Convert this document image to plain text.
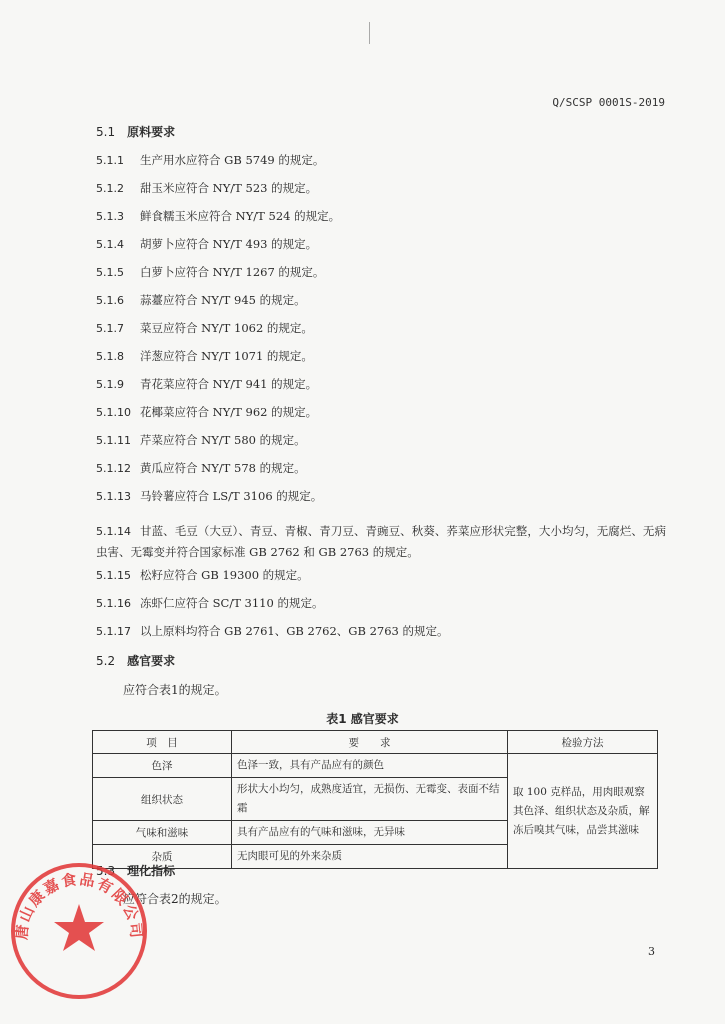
Q/SCSP 0001S-2019
5.1 原料要求
5.1.1 生产用水应符合 GB 5749 的规定。
5.1.2 甜玉米应符合 NY/T 523 的规定。
5.1.3 鲜食糯玉米应符合 NY/T 524 的规定。
5.1.4 胡萝卜应符合 NY/T 493 的规定。
5.1.5 白萝卜应符合 NY/T 1267 的规定。
5.1.6 蒜薹应符合 NY/T 945 的规定。
5.1.7 菜豆应符合 NY/T 1062 的规定。
5.1.8 洋葱应符合 NY/T 1071 的规定。
5.1.9 青花菜应符合 NY/T 941 的规定。
5.1.10 花椰菜应符合 NY/T 962 的规定。
5.1.11 芹菜应符合 NY/T 580 的规定。
5.1.12 黄瓜应符合 NY/T 578 的规定。
5.1.13 马铃薯应符合 LS/T 3106 的规定。
5.1.14 甘蓝、毛豆（大豆）、青豆、青椒、青刀豆、青豌豆、秋葵、荞菜应形状完整，大小均匀，无腐烂、无病虫害、无霉变并符合国家标准 GB 2762 和 GB 2763 的规定。
5.1.15 松籽应符合 GB 19300 的规定。
5.1.16 冻虾仁应符合 SC/T 3110 的规定。
5.1.17 以上原料均符合 GB 2761、GB 2762、GB 2763 的规定。
5.2 感官要求
应符合表1的规定。
表1 感官要求
项　目	要　　求	检验方法
色泽	色泽一致，具有产品应有的颜色	取 100 克样品，用肉眼观察其色泽、组织状态及杂质，解冻后嗅其气味，品尝其滋味
组织状态	形状大小均匀，成熟度适宜，无损伤、无霉变、表面不结霜	
气味和滋味	具有产品应有的气味和滋味，无异味	
杂质	无肉眼可见的外来杂质	
5.3 理化指标
应符合表2的规定。
3
唐山康嘉食品有限公司
